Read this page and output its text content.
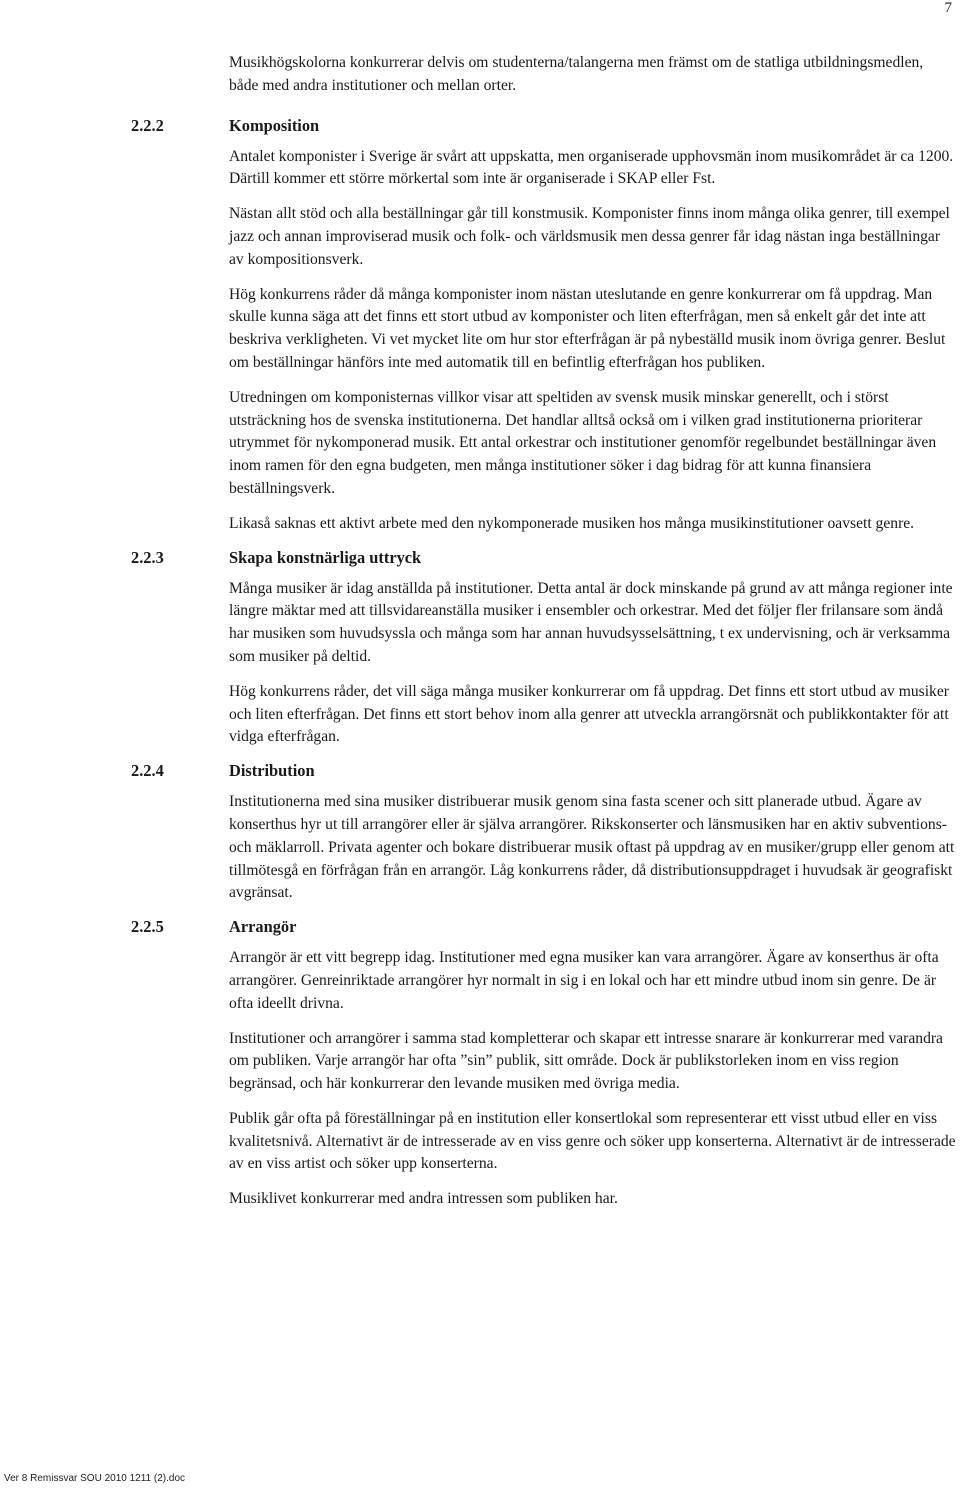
7

Musikhögskolorna konkurrerar delvis om studenterna/talangerna men främst om de statliga utbildningsmedlen, både med andra institutioner och mellan orter.

2.2.2	Komposition

Antalet komponister i Sverige är svårt att uppskatta, men organiserade upphovsmän inom musikområdet är ca 1200. Därtill kommer ett större mörkertal som inte är organiserade i SKAP eller Fst.

Nästan allt stöd och alla beställningar går till konstmusik. Komponister finns inom många olika genrer, till exempel jazz och annan improviserad musik och folk- och världsmusik men dessa genrer får idag nästan inga beställningar av kompositionsverk.

Hög konkurrens råder då många komponister inom nästan uteslutande en genre konkurrerar om få uppdrag. Man skulle kunna säga att det finns ett stort utbud av komponister och liten efterfrågan, men så enkelt går det inte att beskriva verkligheten. Vi vet mycket lite om hur stor efterfrågan är på nybeställd musik inom övriga genrer. Beslut om beställningar hänförs inte med automatik till en befintlig efterfrågan hos publiken.

Utredningen om komponisternas villkor visar att speltiden av svensk musik minskar generellt, och i störst utsträckning hos de svenska institutionerna. Det handlar alltså också om i vilken grad institutionerna prioriterar utrymmet för nykomponerad musik. Ett antal orkestrar och institutioner genomför regelbundet beställningar även inom ramen för den egna budgeten, men många institutioner söker i dag bidrag för att kunna finansiera beställningsverk.

Likaså saknas ett aktivt arbete med den nykomponerade musiken hos många musikinstitutioner oavsett genre.

2.2.3	Skapa konstnärliga uttryck

Många musiker är idag anställda på institutioner. Detta antal är dock minskande på grund av att många regioner inte längre mäktar med att tillsvidareanställa musiker i ensembler och orkestrar. Med det följer fler frilansare som ändå har musiken som huvudsyssla och många som har annan huvudsysselsättning, t ex undervisning, och är verksamma som musiker på deltid.

Hög konkurrens råder, det vill säga många musiker konkurrerar om få uppdrag. Det finns ett stort utbud av musiker och liten efterfrågan. Det finns ett stort behov inom alla genrer att utveckla arrangörsnät och publikkontakter för att vidga efterfrågan.

2.2.4	Distribution

Institutionerna med sina musiker distribuerar musik genom sina fasta scener och sitt planerade utbud. Ägare av konserthus hyr ut till arrangörer eller är själva arrangörer. Rikskonserter och länsmusiken har en aktiv subventions- och mäklarroll. Privata agenter och bokare distribuerar musik oftast på uppdrag av en musiker/grupp eller genom att tillmötesgå en förfrågan från en arrangör. Låg konkurrens råder, då distributionsuppdraget i huvudsak är geografiskt avgränsat.

2.2.5	Arrangör

Arrangör är ett vitt begrepp idag. Institutioner med egna musiker kan vara arrangörer. Ägare av konserthus är ofta arrangörer. Genreinriktade arrangörer hyr normalt in sig i en lokal och har ett mindre utbud inom sin genre. De är ofta ideellt drivna.

Institutioner och arrangörer i samma stad kompletterar och skapar ett intresse snarare är konkurrerar med varandra om publiken. Varje arrangör har ofta ”sin” publik, sitt område. Dock är publikstorleken inom en viss region begränsad, och här konkurrerar den levande musiken med övriga media.

Publik går ofta på föreställningar på en institution eller konsertlokal som representerar ett visst utbud eller en viss kvalitetsnivå. Alternativt är de intresserade av en viss genre och söker upp konserterna. Alternativt är de intresserade av en viss artist och söker upp konserterna.

Musiklivet konkurrerar med andra intressen som publiken har.

Ver 8 Remissvar SOU 2010 1211 (2).doc
